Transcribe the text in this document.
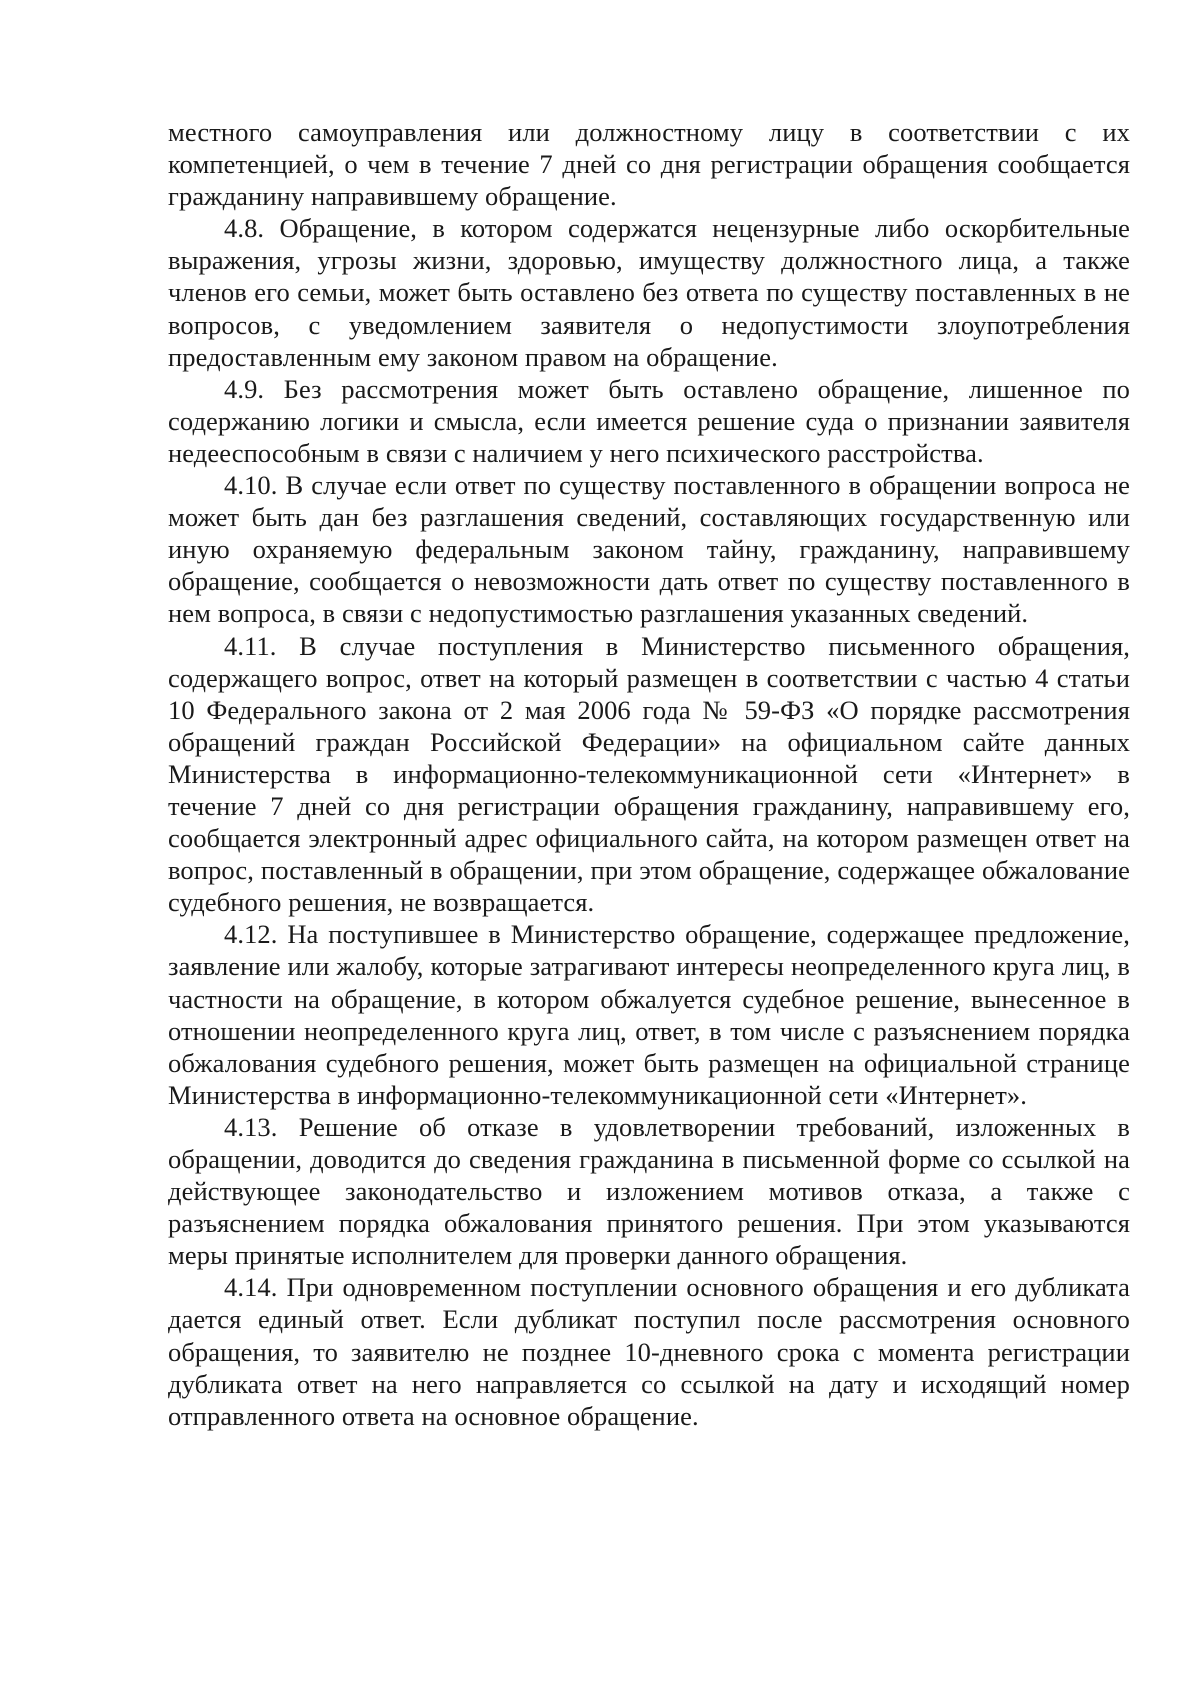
местного самоуправления или должностному лицу в соответствии с их компетенцией, о чем в течение 7 дней со дня регистрации обращения сообщается гражданину направившему обращение.

4.8. Обращение, в котором содержатся нецензурные либо оскорбительные выражения, угрозы жизни, здоровью, имуществу должностного лица, а также членов его семьи, может быть оставлено без ответа по существу поставленных в не вопросов, с уведомлением заявителя о недопустимости злоупотребления предоставленным ему законом правом на обращение.

4.9. Без рассмотрения может быть оставлено обращение, лишенное по содержанию логики и смысла, если имеется решение суда о признании заявителя недееспособным в связи с наличием у него психического расстройства.

4.10. В случае если ответ по существу поставленного в обращении вопроса не может быть дан без разглашения сведений, составляющих государственную или иную охраняемую федеральным законом тайну, гражданину, направившему обращение, сообщается о невозможности дать ответ по существу поставленного в нем вопроса, в связи с недопустимостью разглашения указанных сведений.

4.11. В случае поступления в Министерство письменного обращения, содержащего вопрос, ответ на который размещен в соответствии с частью 4 статьи 10 Федерального закона от 2 мая 2006 года № 59-ФЗ «О порядке рассмотрения обращений граждан Российской Федерации» на официальном сайте данных Министерства в информационно-телекоммуникационной сети «Интернет» в течение 7 дней со дня регистрации обращения гражданину, направившему его, сообщается электронный адрес официального сайта, на котором размещен ответ на вопрос, поставленный в обращении, при этом обращение, содержащее обжалование судебного решения, не возвращается.

4.12. На поступившее в Министерство обращение, содержащее предложение, заявление или жалобу, которые затрагивают интересы неопределенного круга лиц, в частности на обращение, в котором обжалуется судебное решение, вынесенное в отношении неопределенного круга лиц, ответ, в том числе с разъяснением порядка обжалования судебного решения, может быть размещен на официальной странице Министерства в информационно-телекоммуникационной сети «Интернет».

4.13. Решение об отказе в удовлетворении требований, изложенных в обращении, доводится до сведения гражданина в письменной форме со ссылкой на действующее законодательство и изложением мотивов отказа, а также с разъяснением порядка обжалования принятого решения. При этом указываются меры принятые исполнителем для проверки данного обращения.

4.14. При одновременном поступлении основного обращения и его дубликата дается единый ответ. Если дубликат поступил после рассмотрения основного обращения, то заявителю не позднее 10-дневного срока с момента регистрации дубликата ответ на него направляется со ссылкой на дату и исходящий номер отправленного ответа на основное обращение.
